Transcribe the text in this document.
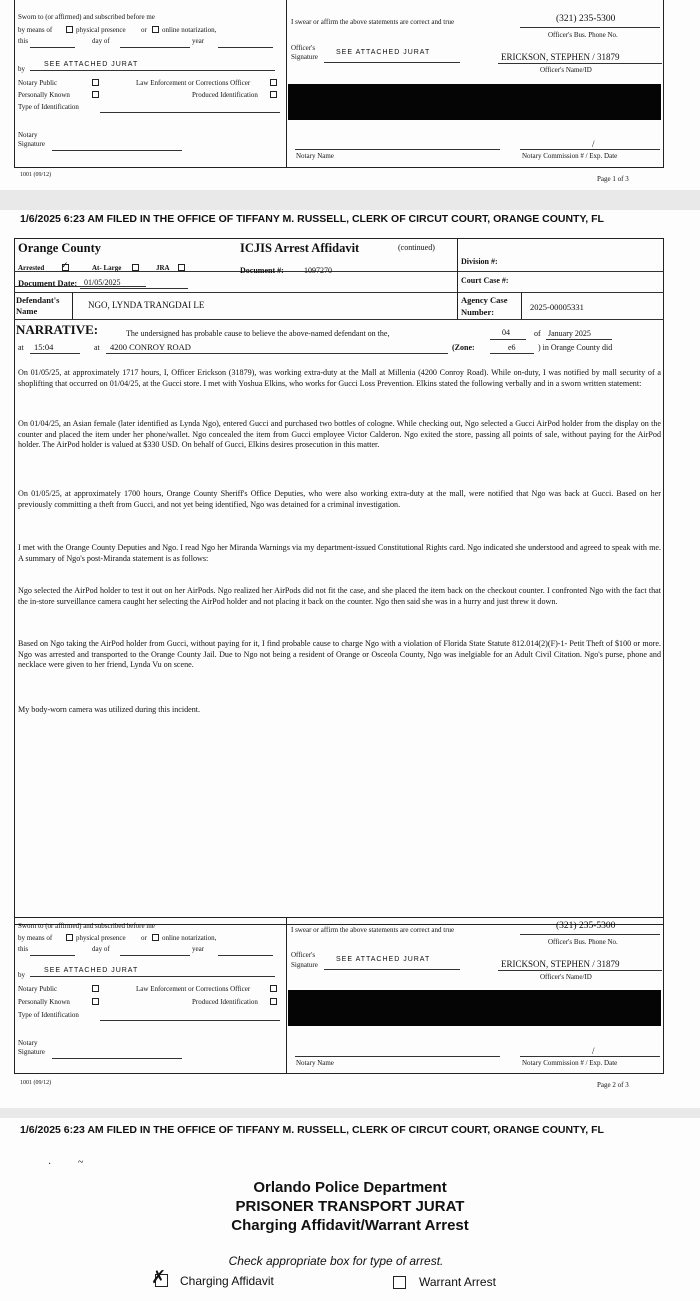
Sworn to (or affirmed) and subscribed before me
by means of	physical presence or online notarization,
this	day of	year
by
SEE ATTACHED JURAT
Notary Public	Law Enforcement or Corrections Officer
Personally Known	Produced Identification
Type of Identification
Notary
Signature
I swear or affirm the above statements are correct and true	(321) 235-5300
Officer's Bus. Phone No.
Officer's
Signature
SEE ATTACHED JURAT	ERICKSON, STEPHEN / 31879
Officer's Name/ID
Notary Name
/
Notary Commission # / Exp. Date
1001 (09/12)	Page 1 of 3
1/6/2025 6:23 AM FILED IN THE OFFICE OF TIFFANY M. RUSSELL, CLERK OF CIRCUT COURT, ORANGE COUNTY, FL
Orange County	ICJIS Arrest Affidavit	(continued)
Arrested ✓	At- Large	JRA
Division #:
Document #:	1097270
Court Case #:
Document Date: 01/05/2025
Defendant's
Name
NGO, LYNDA TRANGDAI LE	Agency Case
Number:	2025-00005331
NARRATIVE:	The undersigned has probable cause to believe the above-named defendant on the,	04	of January 2025
at 15:04	at 4200 CONROY ROAD	(Zone:	e6	) in Orange County did
On 01/05/25, at approximately 1717 hours, I, Officer Erickson (31879), was working extra-duty at the Mall at Millenia (4200 Conroy Road). While on-duty, I was notified by mall security of a shoplifting that occurred on 01/04/25, at the Gucci store. I met with Yoshua Elkins, who works for Gucci Loss Prevention. Elkins stated the following verbally and in a sworn written statement:
On 01/04/25, an Asian female (later identified as Lynda Ngo), entered Gucci and purchased two bottles of cologne. While checking out, Ngo selected a Gucci AirPod holder from the display on the counter and placed the item under her phone/wallet. Ngo concealed the item from Gucci employee Victor Calderon. Ngo exited the store, passing all points of sale, without paying for the AirPod holder. The AirPod holder is valued at $330 USD. On behalf of Gucci, Elkins desires prosecution in this matter.
On 01/05/25, at approximately 1700 hours, Orange County Sheriff's Office Deputies, who were also working extra-duty at the mall, were notified that Ngo was back at Gucci. Based on her previously committing a theft from Gucci, and not yet being identified, Ngo was detained for a criminal investigation.
I met with the Orange County Deputies and Ngo. I read Ngo her Miranda Warnings via my department-issued Constitutional Rights card. Ngo indicated she understood and agreed to speak with me. A summary of Ngo's post-Miranda statement is as follows:
Ngo selected the AirPod holder to test it out on her AirPods. Ngo realized her AirPods did not fit the case, and she placed the item back on the checkout counter. I confronted Ngo with the fact that the in-store surveillance camera caught her selecting the AirPod holder and not placing it back on the counter. Ngo then said she was in a hurry and just threw it down.
Based on Ngo taking the AirPod holder from Gucci, without paying for it, I find probable cause to charge Ngo with a violation of Florida State Statute 812.014(2)(F)-1- Petit Theft of $100 or more. Ngo was arrested and transported to the Orange County Jail. Due to Ngo not being a resident of Orange or Osceola County, Ngo was inelgiable for an Adult Civil Citation. Ngo's purse, phone and necklace were given to her friend, Lynda Vu on scene.
My body-worn camera was utilized during this incident.
Sworn to (or affirmed) and subscribed before me
by means of	physical presence or online notarization,
this	day of	year
by
SEE ATTACHED JURAT
Notary Public	Law Enforcement or Corrections Officer
Personally Known	Produced Identification
Type of Identification
Notary
Signature
I swear or affirm the above statements are correct and true	(321) 235-5300
Officer's Bus. Phone No.
Officer's
Signature
SEE ATTACHED JURAT	ERICKSON, STEPHEN / 31879
Officer's Name/ID
Notary Name
/
Notary Commission # / Exp. Date
1001 (09/12)	Page 2 of 3
1/6/2025 6:23 AM FILED IN THE OFFICE OF TIFFANY M. RUSSELL, CLERK OF CIRCUT COURT, ORANGE COUNTY, FL
·	~
Orlando Police Department
PRISONER TRANSPORT JURAT
Charging Affidavit/Warrant Arrest
Check appropriate box for type of arrest.
✗ Charging Affidavit	Warrant Arrest
